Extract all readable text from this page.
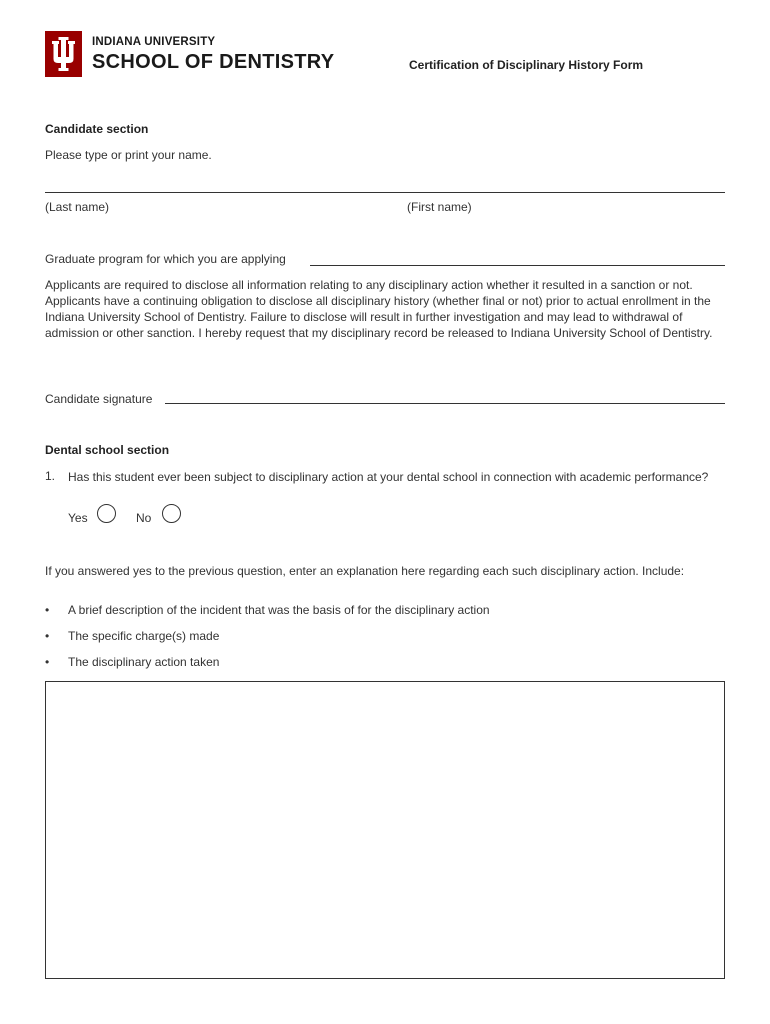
INDIANA UNIVERSITY
SCHOOL OF DENTISTRY	Certification of Disciplinary History Form
Candidate section
Please type or print your name.
(Last name)	(First name)
Graduate program for which you are applying
Applicants are required to disclose all information relating to any disciplinary action whether it resulted in a sanction or not. Applicants have a continuing obligation to disclose all disciplinary history (whether final or not) prior to actual enrollment in the Indiana University School of Dentistry. Failure to disclose will result in further investigation and may lead to withdrawal of admission or other sanction. I hereby request that my disciplinary record be released to Indiana University School of Dentistry.
Candidate signature
Dental school section
1. Has this student ever been subject to disciplinary action at your dental school in connection with academic performance?
Yes	No
If you answered yes to the previous question, enter an explanation here regarding each such disciplinary action. Include:
• A brief description of the incident that was the basis of for the disciplinary action
• The specific charge(s) made
• The disciplinary action taken
